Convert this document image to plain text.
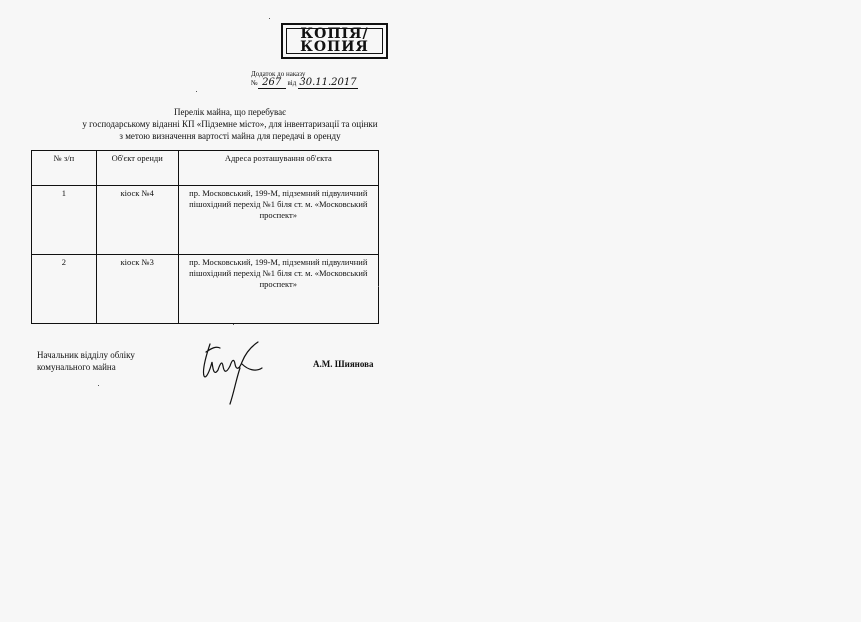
КОПІЯ/
КОПИЯ
Додаток до наказу
№ 267 від 30.11.2017
Перелік майна, що перебуває
у господарському віданні КП «Підземне місто», для інвентаризації та оцінки
з метою визначення вартості майна для передачі в оренду
№ з/п	Об'єкт оренди	Адреса розташування об'єкта
1	кіоск №4	пр. Московський, 199-М, підземний підвуличний пішохідний перехід №1 біля ст. м. «Московський проспект»
2	кіоск №3	пр. Московський, 199-М, підземний підвуличний пішохідний перехід №1 біля ст. м. «Московський проспект»
Начальник відділу обліку
комунального майна	А.М. Шиянова
